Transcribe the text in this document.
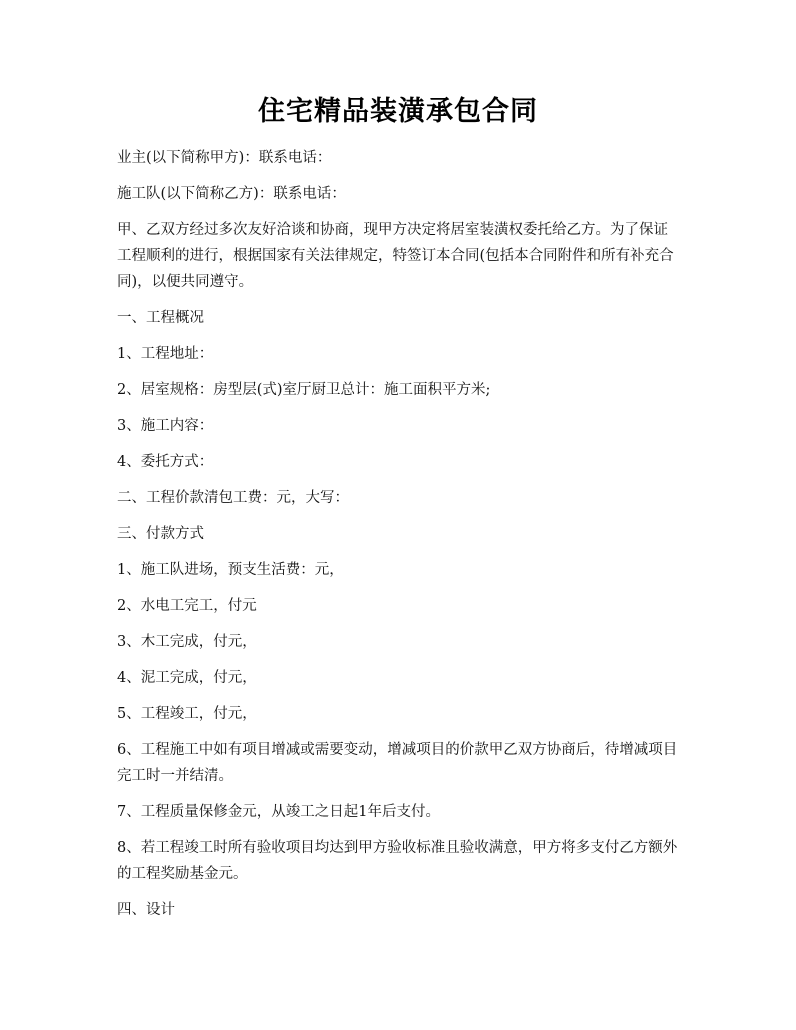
住宅精品装潢承包合同

业主(以下简称甲方)：联系电话：

施工队(以下简称乙方)：联系电话：

甲、乙双方经过多次友好洽谈和协商，现甲方决定将居室装潢权委托给乙方。为了保证工程顺利的进行，根据国家有关法律规定，特签订本合同(包括本合同附件和所有补充合同)，以便共同遵守。

一、工程概况

1、工程地址：

2、居室规格：房型层(式)室厅厨卫总计：施工面积平方米;

3、施工内容：

4、委托方式：

二、工程价款清包工费：元，大写：

三、付款方式

1、施工队进场，预支生活费：元，

2、水电工完工，付元

3、木工完成，付元，

4、泥工完成，付元，

5、工程竣工，付元，

6、工程施工中如有项目增减或需要变动，增减项目的价款甲乙双方协商后，待增减项目完工时一并结清。

7、工程质量保修金元，从竣工之日起1年后支付。

8、若工程竣工时所有验收项目均达到甲方验收标准且验收满意，甲方将多支付乙方额外的工程奖励基金元。

四、设计
